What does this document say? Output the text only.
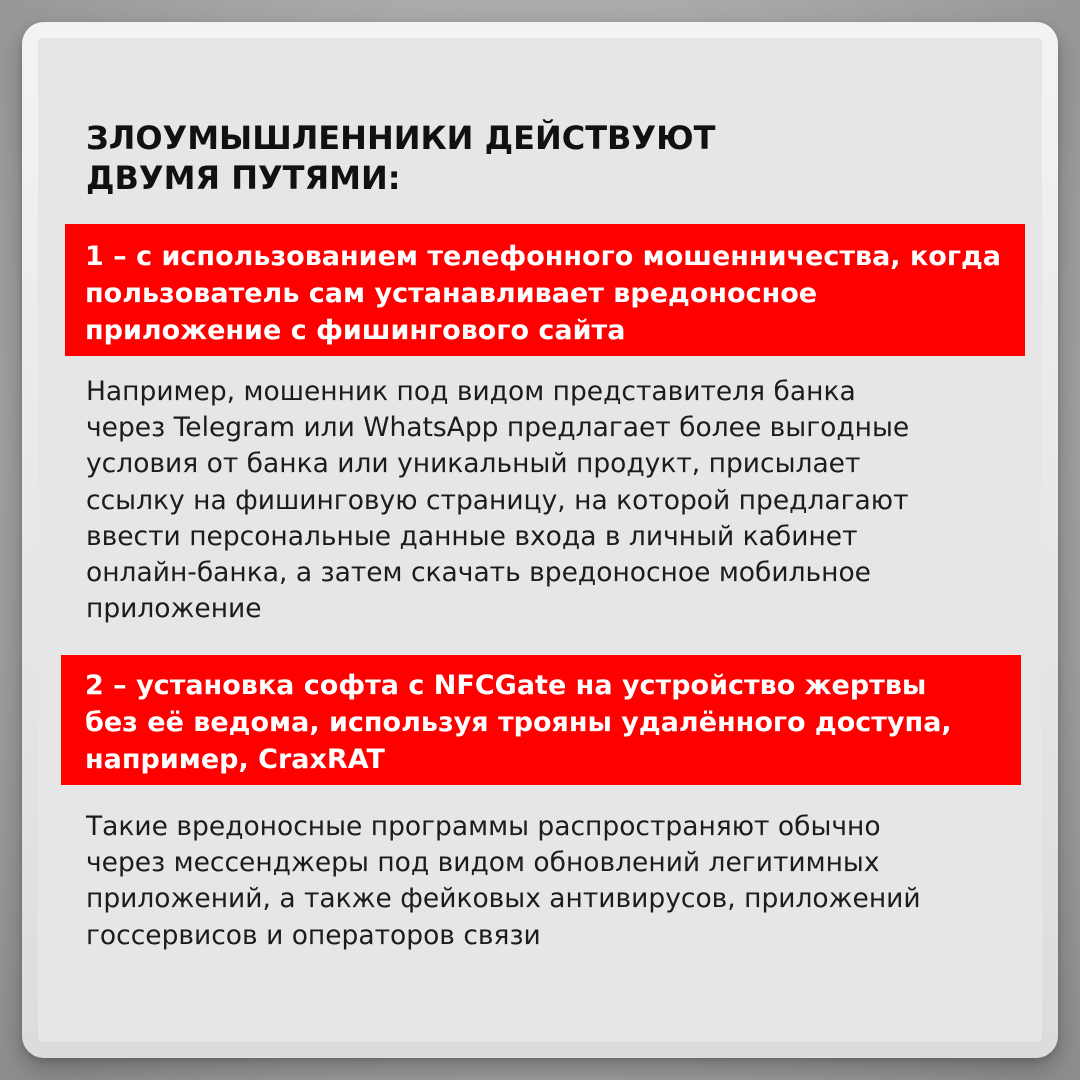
ЗЛОУМЫШЛЕННИКИ ДЕЙСТВУЮТ
ДВУМЯ ПУТЯМИ:
1 – с использованием телефонного мошенничества, когда
пользователь сам устанавливает вредоносное
приложение с фишингового сайта

Например, мошенник под видом представителя банка
через Telegram или WhatsApp предлагает более выгодные
условия от банка или уникальный продукт, присылает
ссылку на фишинговую страницу, на которой предлагают
ввести персональные данные входа в личный кабинет
онлайн-банка, а затем скачать вредоносное мобильное
приложение

2 – установка софта с NFCGate на устройство жертвы
без её ведома, используя трояны удалённого доступа,
например, CraxRAT

Такие вредоносные программы распространяют обычно
через мессенджеры под видом обновлений легитимных
приложений, а также фейковых антивирусов, приложений
госсервисов и операторов связи
